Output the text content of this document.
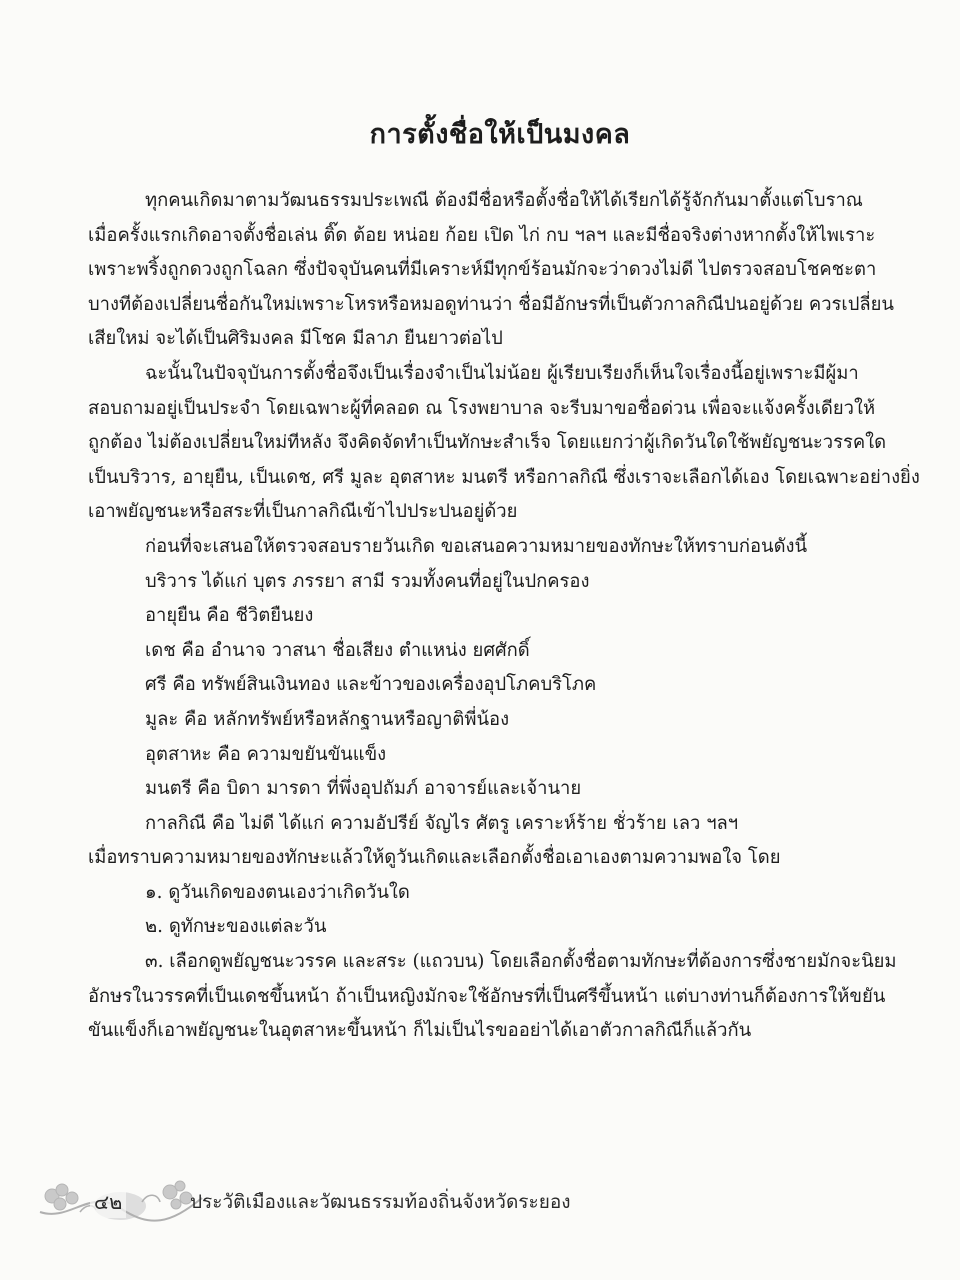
การตั้งชื่อให้เป็นมงคล
ทุกคนเกิดมาตามวัฒนธรรมประเพณี ต้องมีชื่อหรือตั้งชื่อให้ได้เรียกได้รู้จักกันมาตั้งแต่โบราณ
เมื่อครั้งแรกเกิดอาจตั้งชื่อเล่น ติ๊ด ต้อย หน่อย ก้อย เปิด ไก่ กบ ฯลฯ และมีชื่อจริงต่างหากตั้งให้ไพเราะ
เพราะพริ้งถูกดวงถูกโฉลก ซึ่งปัจจุบันคนที่มีเคราะห์มีทุกข์ร้อนมักจะว่าดวงไม่ดี ไปตรวจสอบโชคชะตา
บางทีต้องเปลี่ยนชื่อกันใหม่เพราะโหรหรือหมอดูท่านว่า ชื่อมีอักษรที่เป็นตัวกาลกิณีปนอยู่ด้วย ควรเปลี่ยน
เสียใหม่ จะได้เป็นศิริมงคล มีโชค มีลาภ ยืนยาวต่อไป
ฉะนั้นในปัจจุบันการตั้งชื่อจึงเป็นเรื่องจำเป็นไม่น้อย ผู้เรียบเรียงก็เห็นใจเรื่องนี้อยู่เพราะมีผู้มา
สอบถามอยู่เป็นประจำ โดยเฉพาะผู้ที่คลอด ณ โรงพยาบาล จะรีบมาขอชื่อด่วน เพื่อจะแจ้งครั้งเดียวให้
ถูกต้อง ไม่ต้องเปลี่ยนใหม่ทีหลัง จึงคิดจัดทำเป็นทักษะสำเร็จ โดยแยกว่าผู้เกิดวันใดใช้พยัญชนะวรรคใด
เป็นบริวาร, อายุยืน, เป็นเดช, ศรี มูละ อุตสาหะ มนตรี หรือกาลกิณี ซึ่งเราจะเลือกได้เอง โดยเฉพาะอย่างยิ่ง
เอาพยัญชนะหรือสระที่เป็นกาลกิณีเข้าไปประปนอยู่ด้วย
ก่อนที่จะเสนอให้ตรวจสอบรายวันเกิด ขอเสนอความหมายของทักษะให้ทราบก่อนดังนี้
บริวาร ได้แก่ บุตร ภรรยา สามี รวมทั้งคนที่อยู่ในปกครอง
อายุยืน คือ ชีวิตยืนยง
เดช คือ อำนาจ วาสนา ชื่อเสียง ตำแหน่ง ยศศักดิ์
ศรี คือ ทรัพย์สินเงินทอง และข้าวของเครื่องอุปโภคบริโภค
มูละ คือ หลักทรัพย์หรือหลักฐานหรือญาติพี่น้อง
อุตสาหะ คือ ความขยันขันแข็ง
มนตรี คือ บิดา มารดา ที่พึ่งอุปถัมภ์ อาจารย์และเจ้านาย
กาลกิณี คือ ไม่ดี ได้แก่ ความอัปรีย์ จัญไร ศัตรู เคราะห์ร้าย ชั่วร้าย เลว ฯลฯ
เมื่อทราบความหมายของทักษะแล้วให้ดูวันเกิดและเลือกตั้งชื่อเอาเองตามความพอใจ โดย
๑. ดูวันเกิดของตนเองว่าเกิดวันใด
๒. ดูทักษะของแต่ละวัน
๓. เลือกดูพยัญชนะวรรค และสระ (แถวบน) โดยเลือกตั้งชื่อตามทักษะที่ต้องการซึ่งชายมักจะนิยม
อักษรในวรรคที่เป็นเดชขึ้นหน้า ถ้าเป็นหญิงมักจะใช้อักษรที่เป็นศรีขึ้นหน้า แต่บางท่านก็ต้องการให้ขยัน
ขันแข็งก็เอาพยัญชนะในอุตสาหะขึ้นหน้า ก็ไม่เป็นไรขออย่าได้เอาตัวกาลกิณีก็แล้วกัน
๔๒	ประวัติเมืองและวัฒนธรรมท้องถิ่นจังหวัดระยอง
